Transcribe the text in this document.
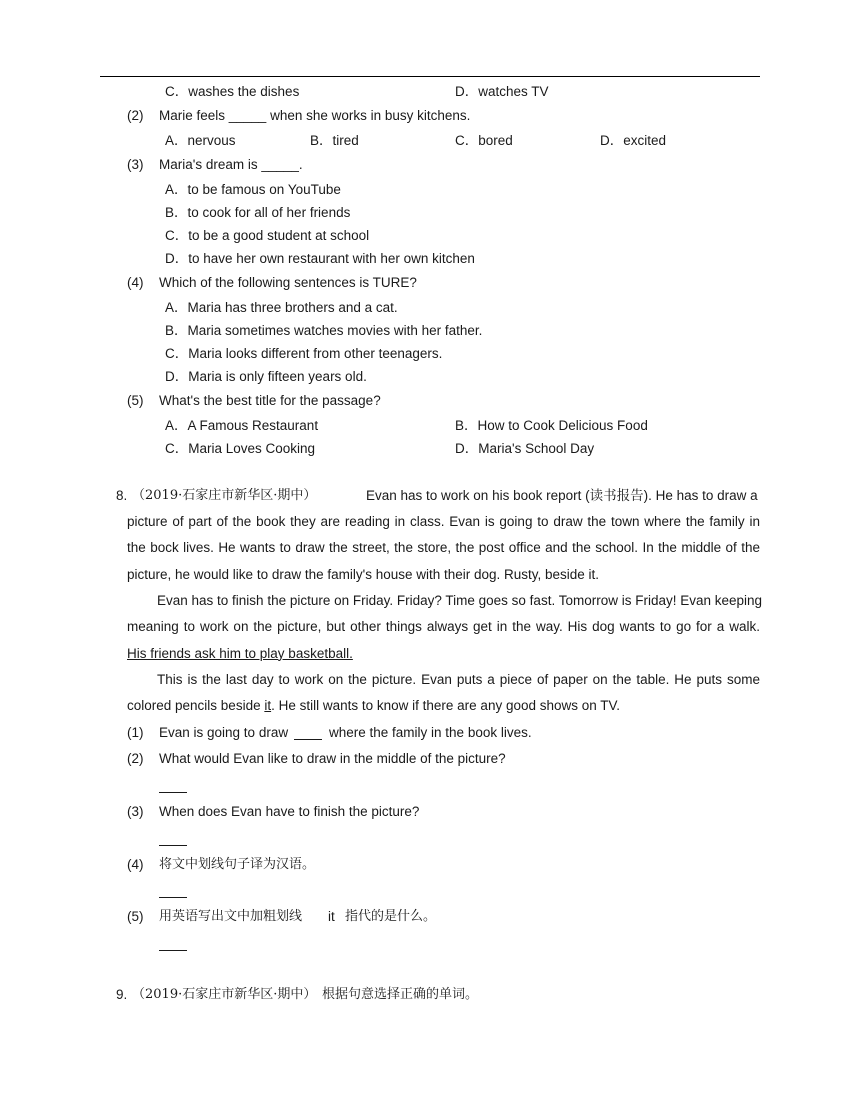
C．washes the dishes	D．watches TV
(2) Marie feels _____ when she works in busy kitchens.
A．nervous	B．tired	C．bored	D．excited
(3) Maria's dream is _____.
A．to be famous on YouTube
B．to cook for all of her friends
C．to be a good student at school
D．to have her own restaurant with her own kitchen
(4) Which of the following sentences is TURE?
A．Maria has three brothers and a cat.
B．Maria sometimes watches movies with her father.
C．Maria looks different from other teenagers.
D．Maria is only fifteen years old.
(5) What's the best title for the passage?
A．A Famous Restaurant	B．How to Cook Delicious Food
C．Maria Loves Cooking	D．Maria's School Day
8. （2019·石家庄市新华区·期中）	Evan has to work on his book report (读书报告). He has to draw a
picture of part of the book they are reading in class. Evan is going to draw the town where the family in
the bock lives. He wants to draw the street, the store, the post office and the school. In the middle of the
picture, he would like to draw the family's house with their dog. Rusty, beside it.
Evan has to finish the picture on Friday. Friday? Time goes so fast. Tomorrow is Friday! Evan keeping
meaning to work on the picture, but other things always get in the way. His dog wants to go for a walk.
His friends ask him to play basketball.
This is the last day to work on the picture. Evan puts a piece of paper on the table. He puts some
colored pencils beside it. He still wants to know if there are any good shows on TV.
(1) Evan is going to draw	where the family in the book lives.
(2) What would Evan like to draw in the middle of the picture?
(3) When does Evan have to finish the picture?
(4) 将文中划线句子译为汉语。
(5) 用英语写出文中加粗划线 it 指代的是什么。
9. （2019·石家庄市新华区·期中） 根据句意选择正确的单词。
